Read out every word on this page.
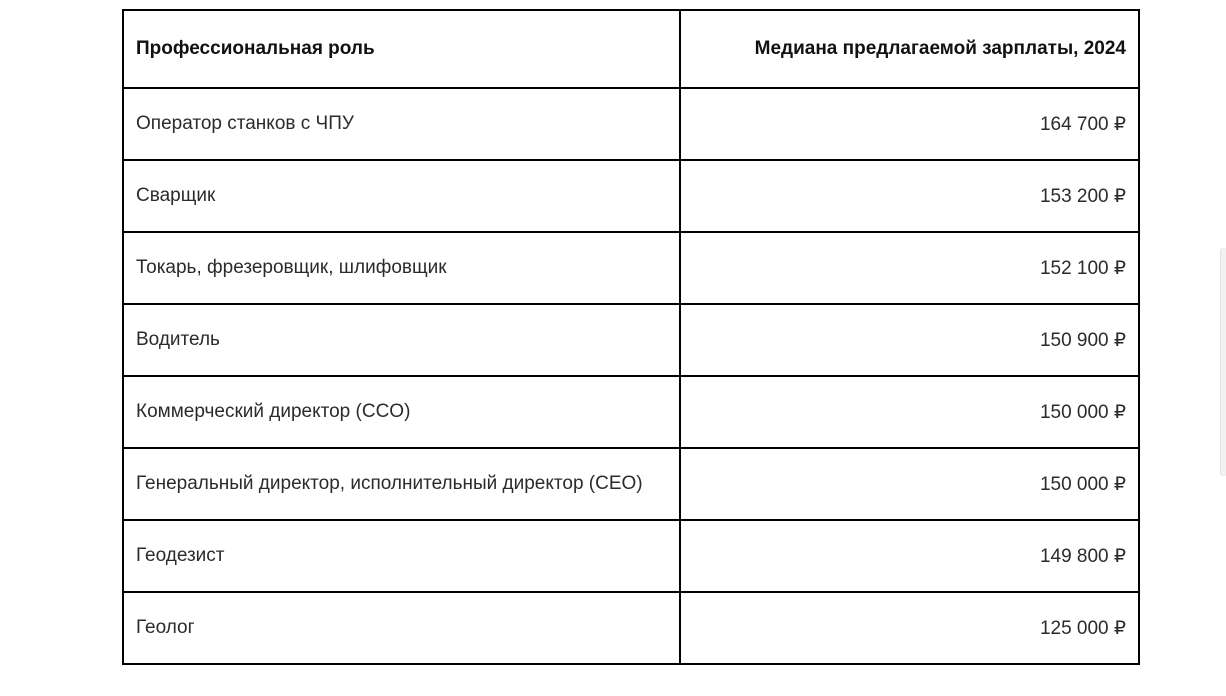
Профессиональная роль	Медиана предлагаемой зарплаты, 2024
Оператор станков с ЧПУ	164 700 ₽
Сварщик	153 200 ₽
Токарь, фрезеровщик, шлифовщик	152 100 ₽
Водитель	150 900 ₽
Коммерческий директор (CCO)	150 000 ₽
Генеральный директор, исполнительный директор (CEO)	150 000 ₽
Геодезист	149 800 ₽
Геолог	125 000 ₽
